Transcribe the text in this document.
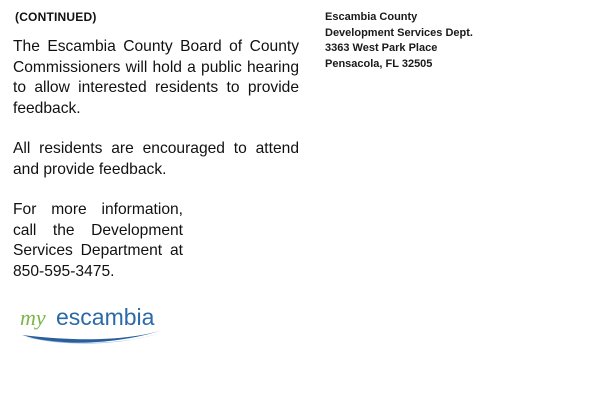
(CONTINUED)

The Escambia County Board of County Commissioners will hold a public hearing to allow interested residents to provide feedback.

All residents are encouraged to attend and provide feedback.

For more information, call the Development Services Department at 850-595-3475.

Escambia County
Development Services Dept.
3363 West Park Place
Pensacola, FL 32505
my escambia
